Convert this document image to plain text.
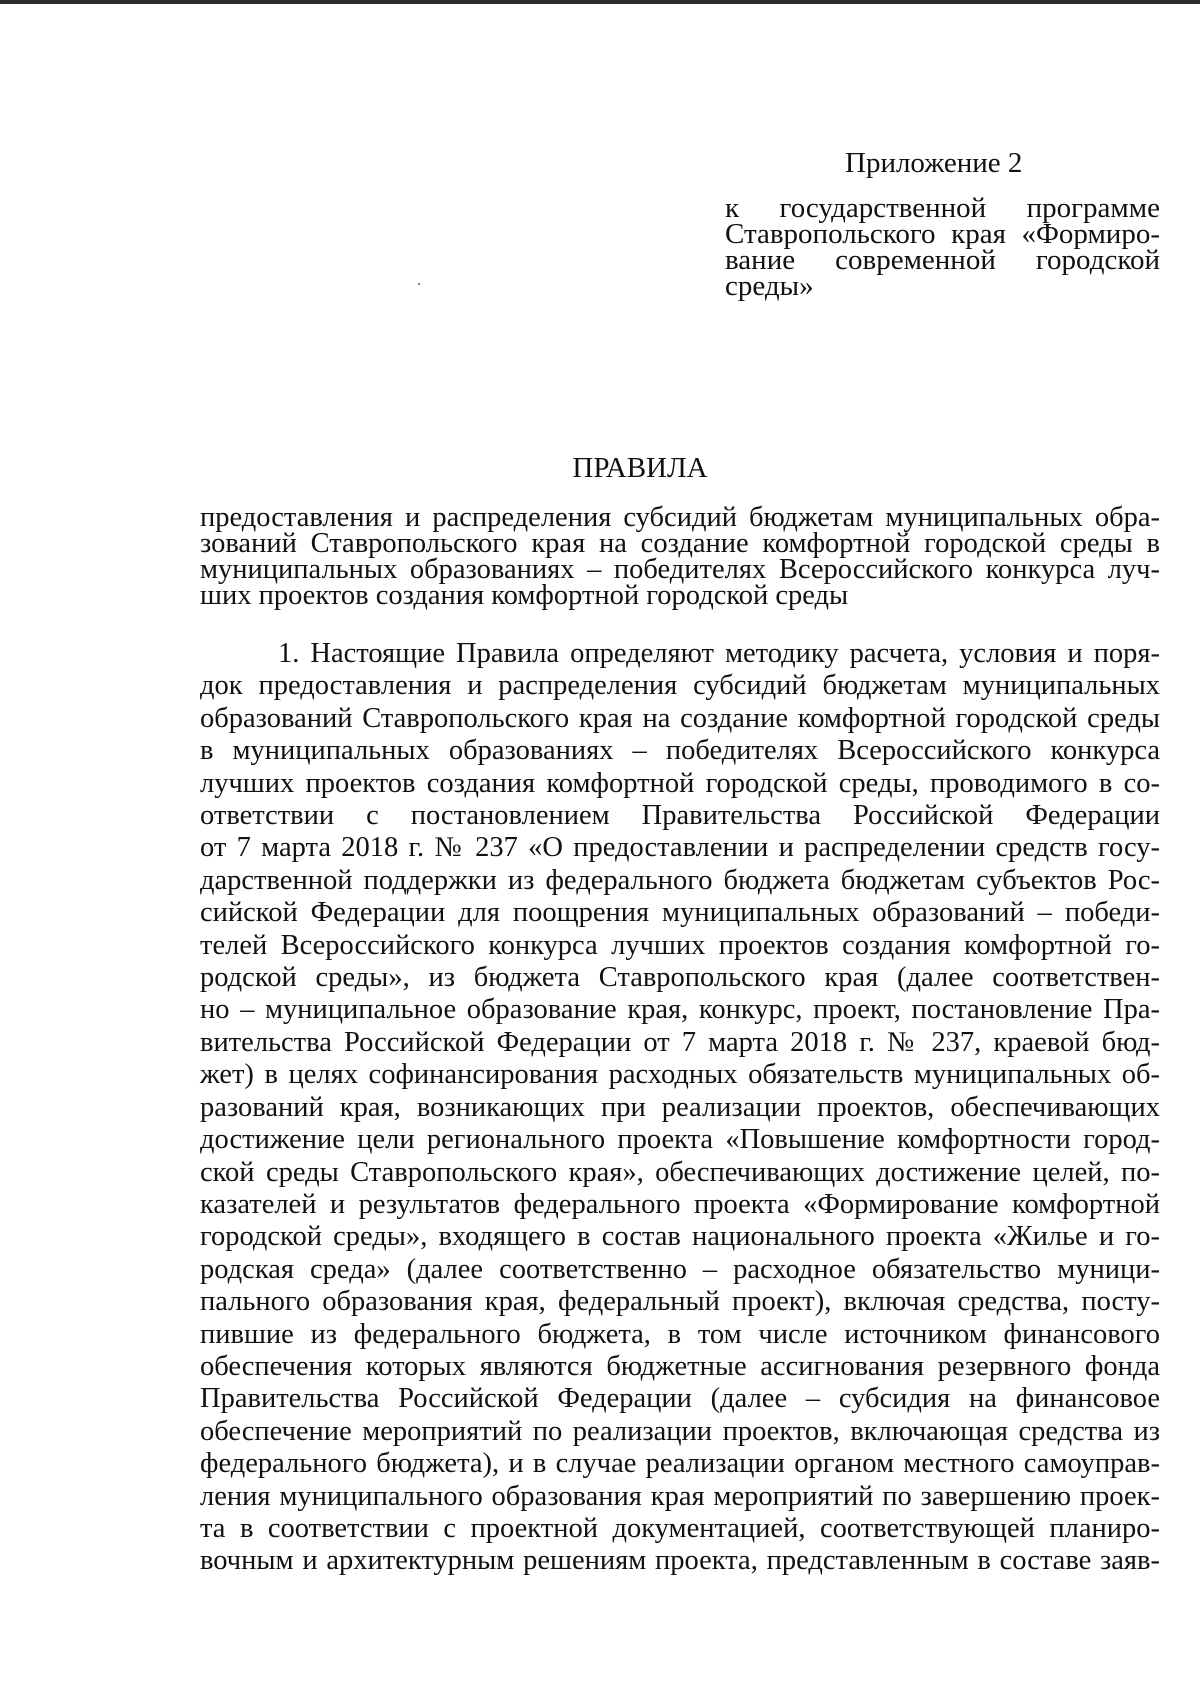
Приложение 2
к государственной программе
Ставропольского края «Формиро-
вание современной городской
среды»
ПРАВИЛА
предоставления и распределения субсидий бюджетам муниципальных обра-
зований Ставропольского края на создание комфортной городской среды в
муниципальных образованиях – победителях Всероссийского конкурса луч-
ших проектов создания комфортной городской среды
1. Настоящие Правила определяют методику расчета, условия и поря-
док предоставления и распределения субсидий бюджетам муниципальных
образований Ставропольского края на создание комфортной городской среды
в муниципальных образованиях – победителях Всероссийского конкурса
лучших проектов создания комфортной городской среды, проводимого в со-
ответствии с постановлением Правительства Российской Федерации
от 7 марта 2018 г. № 237 «О предоставлении и распределении средств госу-
дарственной поддержки из федерального бюджета бюджетам субъектов Рос-
сийской Федерации для поощрения муниципальных образований – победи-
телей Всероссийского конкурса лучших проектов создания комфортной го-
родской среды», из бюджета Ставропольского края (далее соответствен-
но – муниципальное образование края, конкурс, проект, постановление Пра-
вительства Российской Федерации от 7 марта 2018 г. № 237, краевой бюд-
жет) в целях софинансирования расходных обязательств муниципальных об-
разований края, возникающих при реализации проектов, обеспечивающих
достижение цели регионального проекта «Повышение комфортности город-
ской среды Ставропольского края», обеспечивающих достижение целей, по-
казателей и результатов федерального проекта «Формирование комфортной
городской среды», входящего в состав национального проекта «Жилье и го-
родская среда» (далее соответственно – расходное обязательство муници-
пального образования края, федеральный проект), включая средства, посту-
пившие из федерального бюджета, в том числе источником финансового
обеспечения которых являются бюджетные ассигнования резервного фонда
Правительства Российской Федерации (далее – субсидия на финансовое
обеспечение мероприятий по реализации проектов, включающая средства из
федерального бюджета), и в случае реализации органом местного самоуправ-
ления муниципального образования края мероприятий по завершению проек-
та в соответствии с проектной документацией, соответствующей планиро-
вочным и архитектурным решениям проекта, представленным в составе заяв-
